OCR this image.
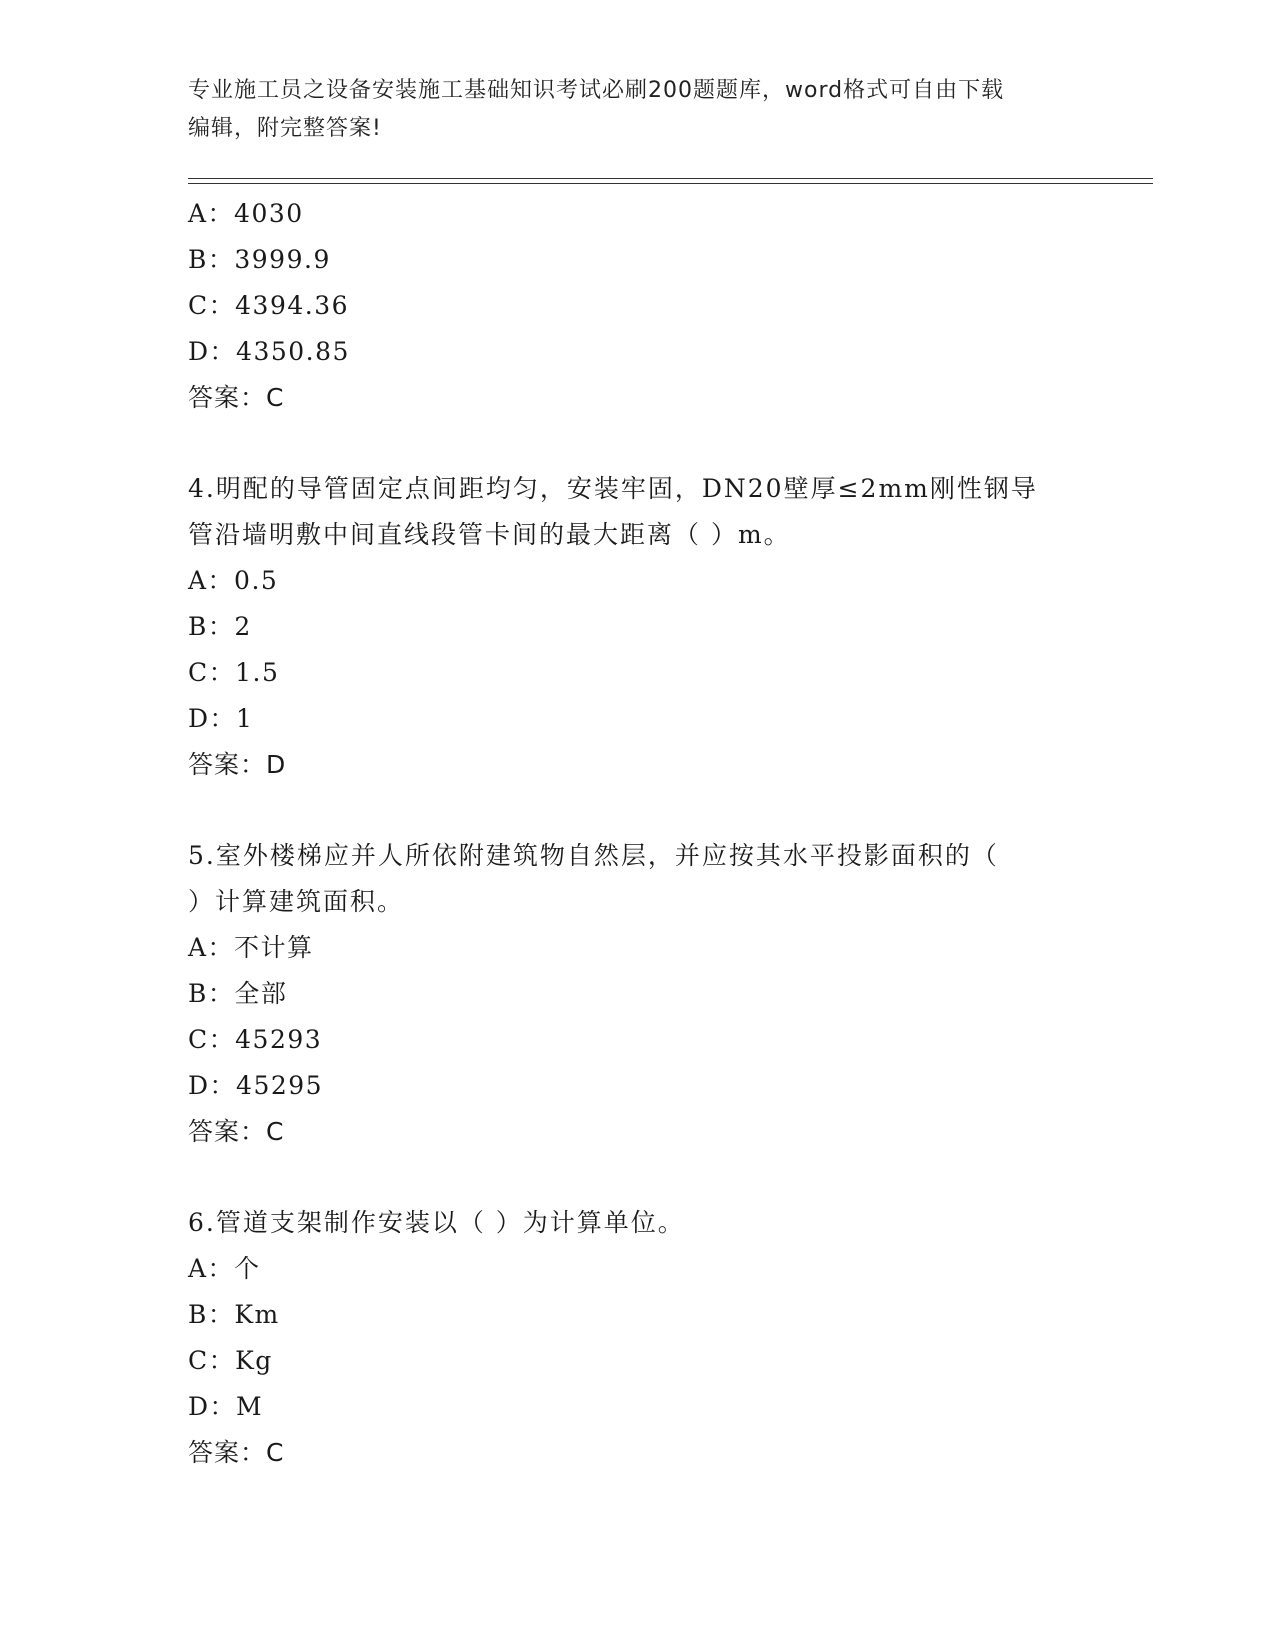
专业施工员之设备安装施工基础知识考试必刷200题题库，word格式可自由下载
编辑，附完整答案!
A：4030
B：3999.9
C：4394.36
D：4350.85
答案：C
4.明配的导管固定点间距均匀，安装牢固，DN20壁厚≤2mm刚性钢导
管沿墙明敷中间直线段管卡间的最大距离（ ）m。
A：0.5
B：2
C：1.5
D：1
答案：D
5.室外楼梯应并人所依附建筑物自然层，并应按其水平投影面积的（
）计算建筑面积。
A：不计算
B：全部
C：45293
D：45295
答案：C
6.管道支架制作安装以（ ）为计算单位。
A：个
B：Km
C：Kg
D：M
答案：C
